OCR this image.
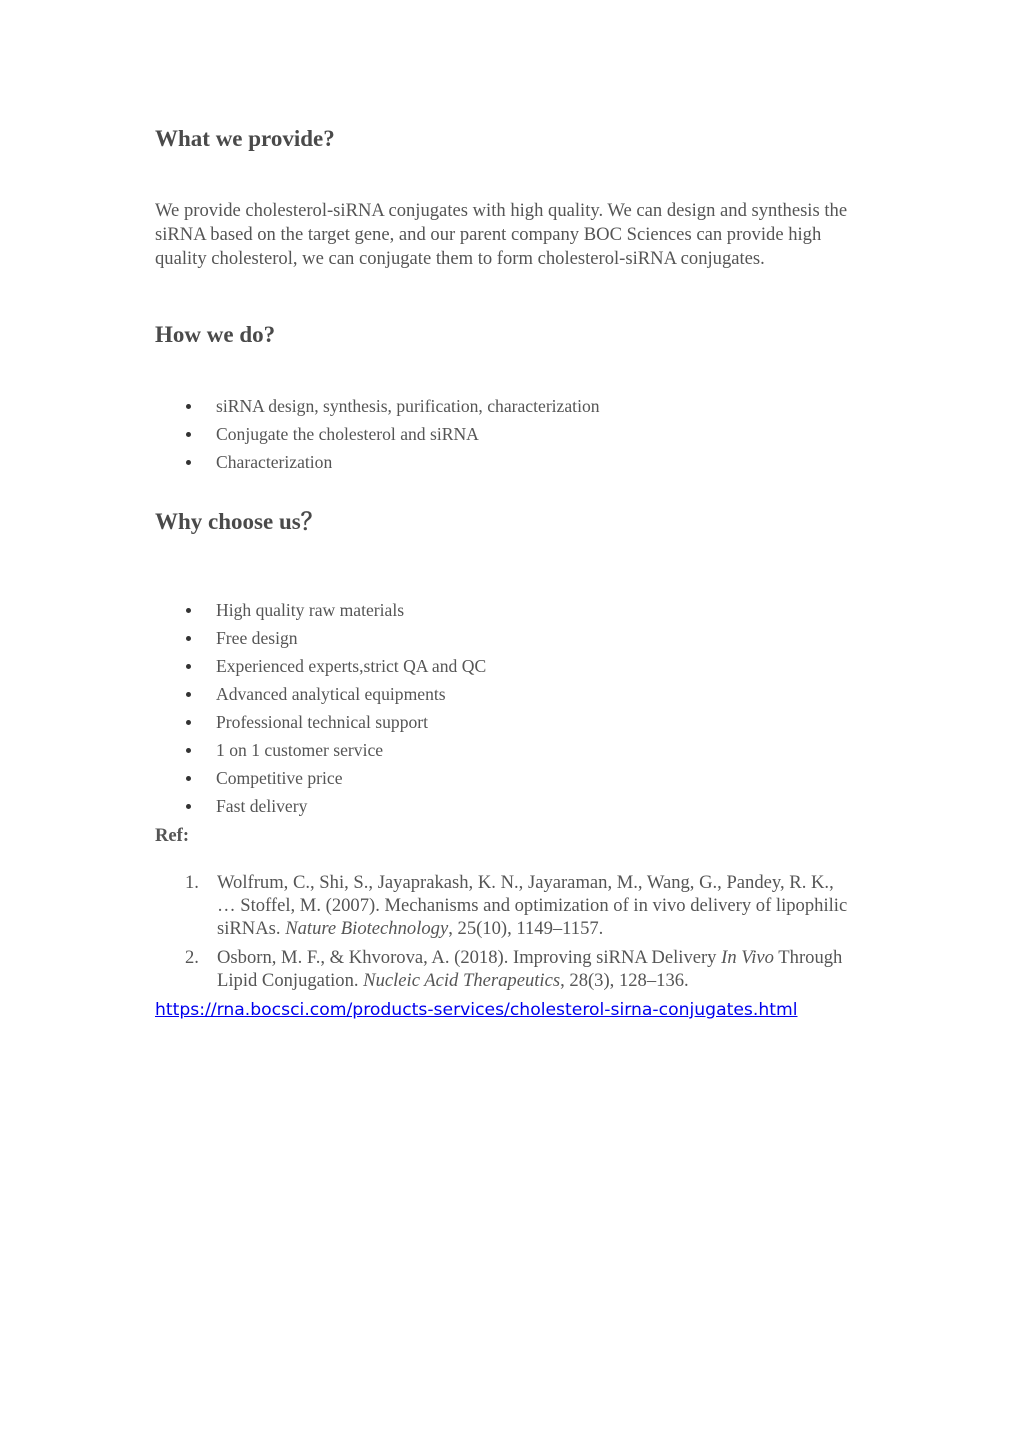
What we provide?

We provide cholesterol-siRNA conjugates with high quality. We can design and synthesis the siRNA based on the target gene, and our parent company BOC Sciences can provide high quality cholesterol, we can conjugate them to form cholesterol-siRNA conjugates.

How we do?
siRNA design, synthesis, purification, characterization
Conjugate the cholesterol and siRNA
Characterization
Why choose us？
High quality raw materials
Free design
Experienced experts,strict QA and QC
Advanced analytical equipments
Professional technical support
1 on 1 customer service
Competitive price
Fast delivery

Ref:

1. Wolfrum, C., Shi, S., Jayaprakash, K. N., Jayaraman, M., Wang, G., Pandey, R. K., … Stoffel, M. (2007). Mechanisms and optimization of in vivo delivery of lipophilic siRNAs. Nature Biotechnology, 25(10), 1149–1157.
2. Osborn, M. F., & Khvorova, A. (2018). Improving siRNA Delivery In Vivo Through Lipid Conjugation. Nucleic Acid Therapeutics, 28(3), 128–136.
https://rna.bocsci.com/products-services/cholesterol-sirna-conjugates.html
